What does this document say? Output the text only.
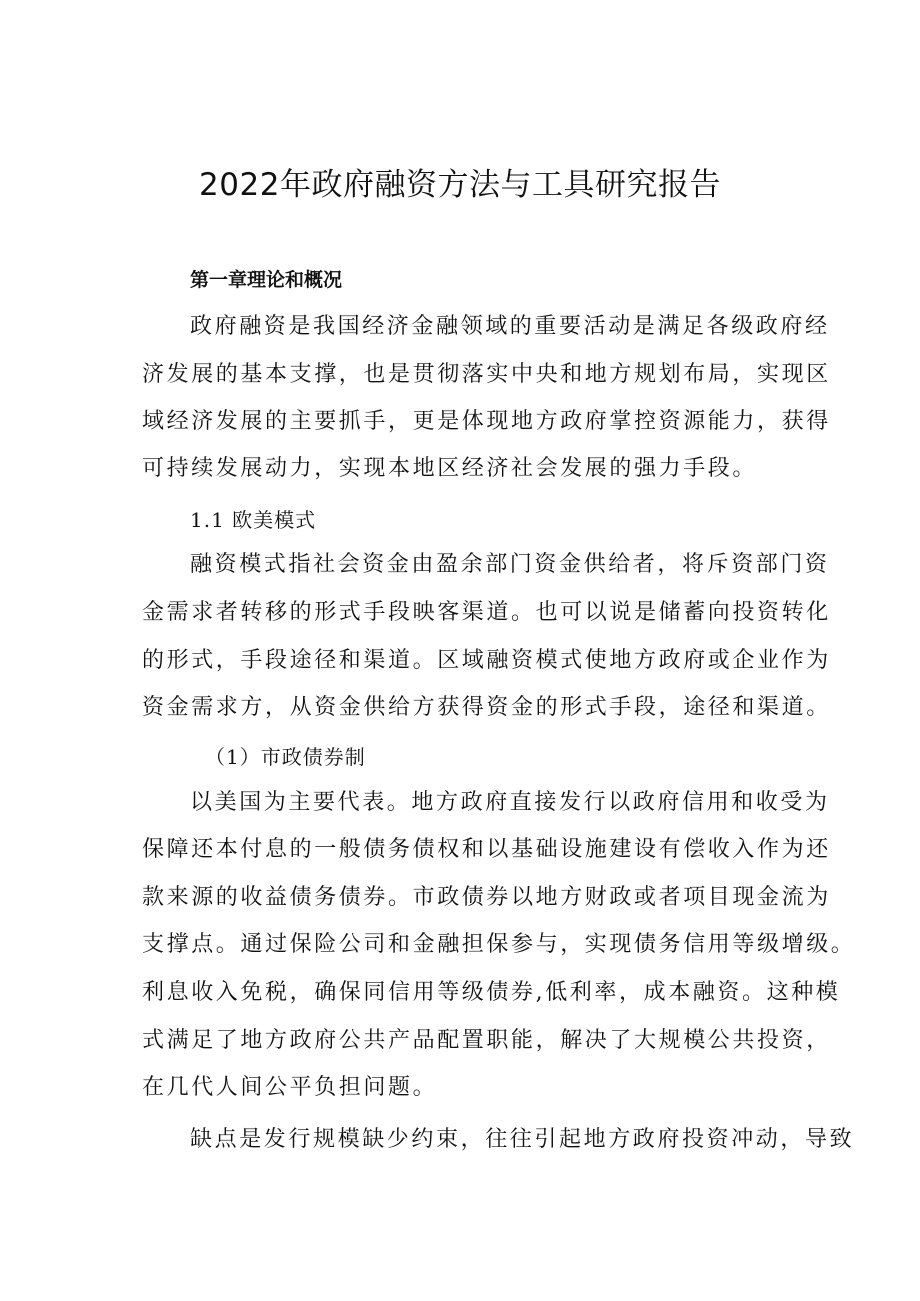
2022年政府融资方法与工具研究报告
第一章理论和概况
政府融资是我国经济金融领域的重要活动是满足各级政府经
济发展的基本支撑，也是贯彻落实中央和地方规划布局，实现区
域经济发展的主要抓手，更是体现地方政府掌控资源能力，获得
可持续发展动力，实现本地区经济社会发展的强力手段。
1.1 欧美模式
融资模式指社会资金由盈余部门资金供给者，将斥资部门资
金需求者转移的形式手段映客渠道。也可以说是储蓄向投资转化
的形式，手段途径和渠道。区域融资模式使地方政府或企业作为
资金需求方，从资金供给方获得资金的形式手段，途径和渠道。
（1）市政债券制
以美国为主要代表。地方政府直接发行以政府信用和收受为
保障还本付息的一般债务债权和以基础设施建设有偿收入作为还
款来源的收益债务债券。市政债券以地方财政或者项目现金流为
支撑点。通过保险公司和金融担保参与，实现债务信用等级增级。
利息收入免税，确保同信用等级债券,低利率，成本融资。这种模
式满足了地方政府公共产品配置职能，解决了大规模公共投资，
在几代人间公平负担问题。
缺点是发行规模缺少约束，往往引起地方政府投资冲动，导致
